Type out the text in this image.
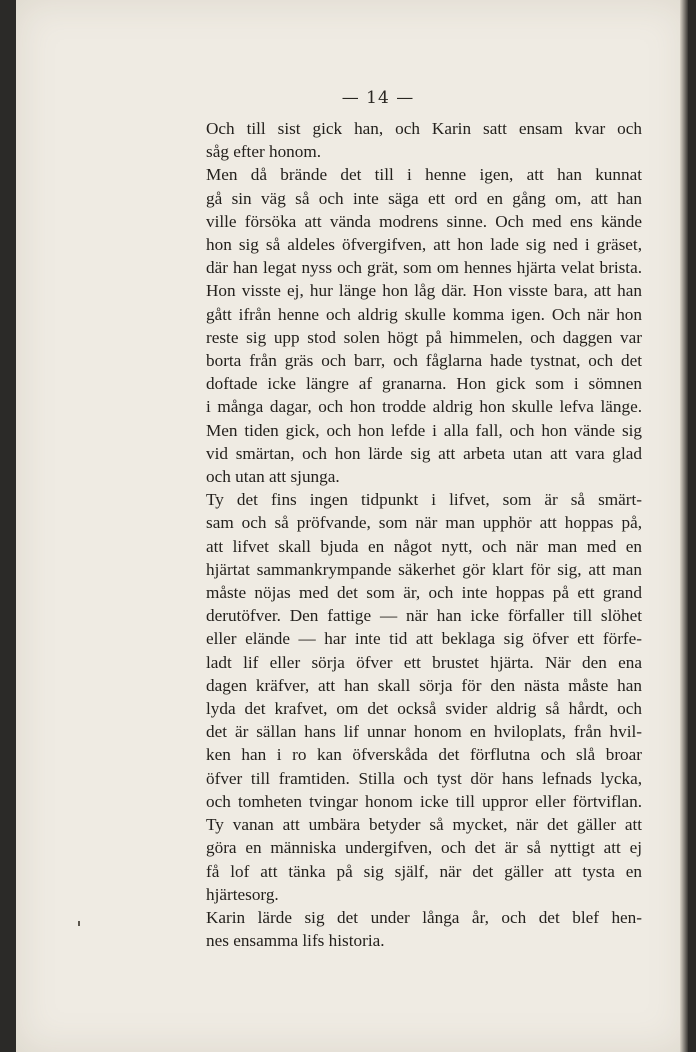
— 14 —

Och till sist gick han, och Karin satt ensam kvar och
såg efter honom.

Men då brände det till i henne igen, att han kunnat
gå sin väg så och inte säga ett ord en gång om, att han
ville försöka att vända modrens sinne. Och med ens kände
hon sig så aldeles öfvergifven, att hon lade sig ned i gräset,
där han legat nyss och grät, som om hennes hjärta velat brista.
Hon visste ej, hur länge hon låg där. Hon visste bara, att han
gått ifrån henne och aldrig skulle komma igen. Och när hon
reste sig upp stod solen högt på himmelen, och daggen var
borta från gräs och barr, och fåglarna hade tystnat, och det
doftade icke längre af granarna. Hon gick som i sömnen
i många dagar, och hon trodde aldrig hon skulle lefva länge.
Men tiden gick, och hon lefde i alla fall, och hon vände sig
vid smärtan, och hon lärde sig att arbeta utan att vara glad
och utan att sjunga.

Ty det fins ingen tidpunkt i lifvet, som är så smärt-
sam och så pröfvande, som när man upphör att hoppas på,
att lifvet skall bjuda en något nytt, och när man med en
hjärtat sammankrympande säkerhet gör klart för sig, att man
måste nöjas med det som är, och inte hoppas på ett grand
derutöfver. Den fattige — när han icke förfaller till slöhet
eller elände — har inte tid att beklaga sig öfver ett förfe-
ladt lif eller sörja öfver ett brustet hjärta. När den ena
dagen kräfver, att han skall sörja för den nästa måste han
lyda det krafvet, om det också svider aldrig så hårdt, och
det är sällan hans lif unnar honom en hviloplats, från hvil-
ken han i ro kan öfverskåda det förflutna och slå broar
öfver till framtiden. Stilla och tyst dör hans lefnads lycka,
och tomheten tvingar honom icke till uppror eller förtviflan.
Ty vanan att umbära betyder så mycket, när det gäller att
göra en människa undergifven, och det är så nyttigt att ej
få lof att tänka på sig själf, när det gäller att tysta en
hjärtesorg.

Karin lärde sig det under långa år, och det blef hen-
nes ensamma lifs historia.
